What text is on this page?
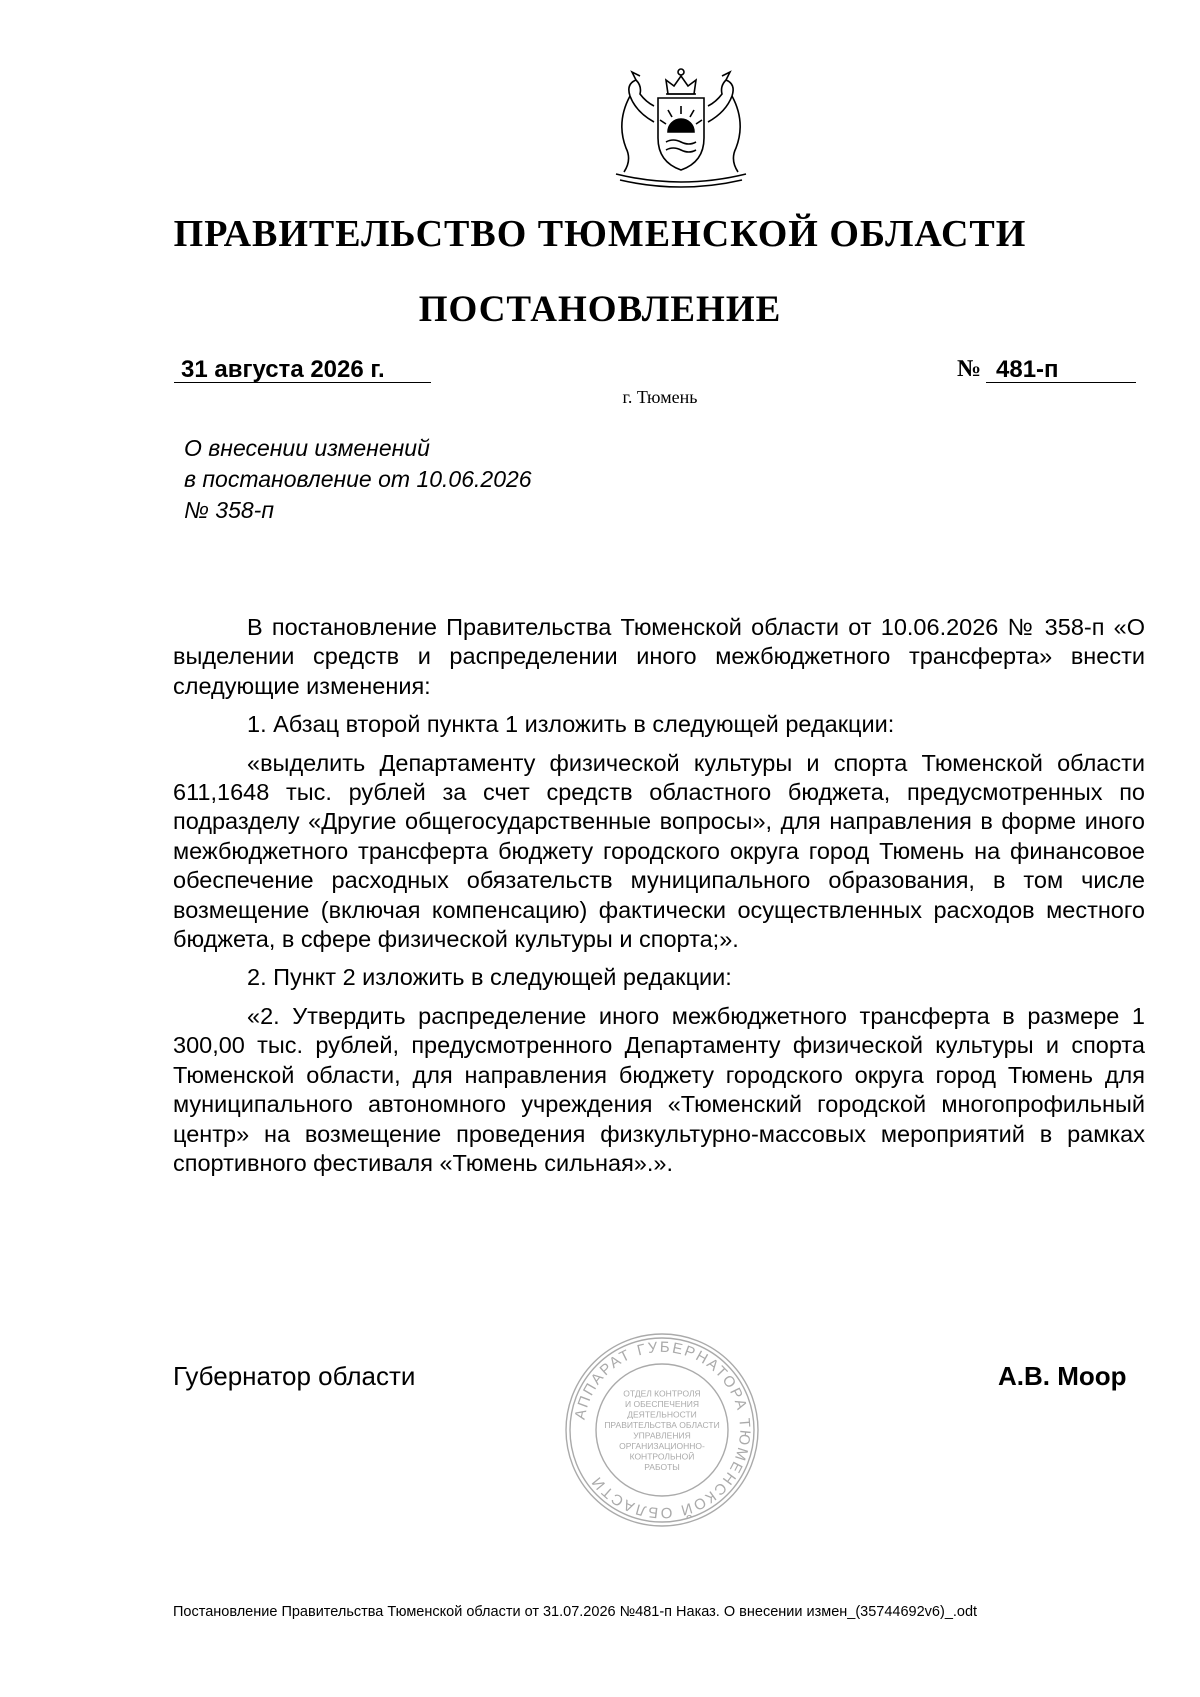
ПРАВИТЕЛЬСТВО ТЮМЕНСКОЙ ОБЛАСТИ
ПОСТАНОВЛЕНИЕ
31 августа 2026 г.	№ 481-п
г. Тюмень
О внесении изменений
в постановление от 10.06.2026
№ 358-п

В постановление Правительства Тюменской области от 10.06.2026 № 358-п «О выделении средств и распределении иного межбюджетного трансферта» внести следующие изменения:

1. Абзац второй пункта 1 изложить в следующей редакции:

«выделить Департаменту физической культуры и спорта Тюменской области 611,1648 тыс. рублей за счет средств областного бюджета, предусмотренных по подразделу «Другие общегосударственные вопросы», для направления в форме иного межбюджетного трансферта бюджету городского округа город Тюмень на финансовое обеспечение расходных обязательств муниципального образования, в том числе возмещение (включая компенсацию) фактически осуществленных расходов местного бюджета, в сфере физической культуры и спорта;».

2. Пункт 2 изложить в следующей редакции:

«2. Утвердить распределение иного межбюджетного трансферта в размере 1 300,00 тыс. рублей, предусмотренного Департаменту физической культуры и спорта Тюменской области, для направления бюджету городского округа город Тюмень для муниципального автономного учреждения «Тюменский городской многопрофильный центр» на возмещение проведения физкультурно-массовых мероприятий в рамках спортивного фестиваля «Тюмень сильная».».

Губернатор области	А.В. Моор
АППАРАТ ГУБЕРНАТОРА ТЮМЕНСКОЙ ОБЛАСТИ
ОТДЕЛ КОНТРОЛЯ
И ОБЕСПЕЧЕНИЯ
ДЕЯТЕЛЬНОСТИ
ПРАВИТЕЛЬСТВА ОБЛАСТИ
УПРАВЛЕНИЯ
ОРГАНИЗАЦИОННО-
КОНТРОЛЬНОЙ
РАБОТЫ
Постановление Правительства Тюменской области от 31.07.2026 №481-п Наказ. О внесении измен_(35744692v6)_.odt
